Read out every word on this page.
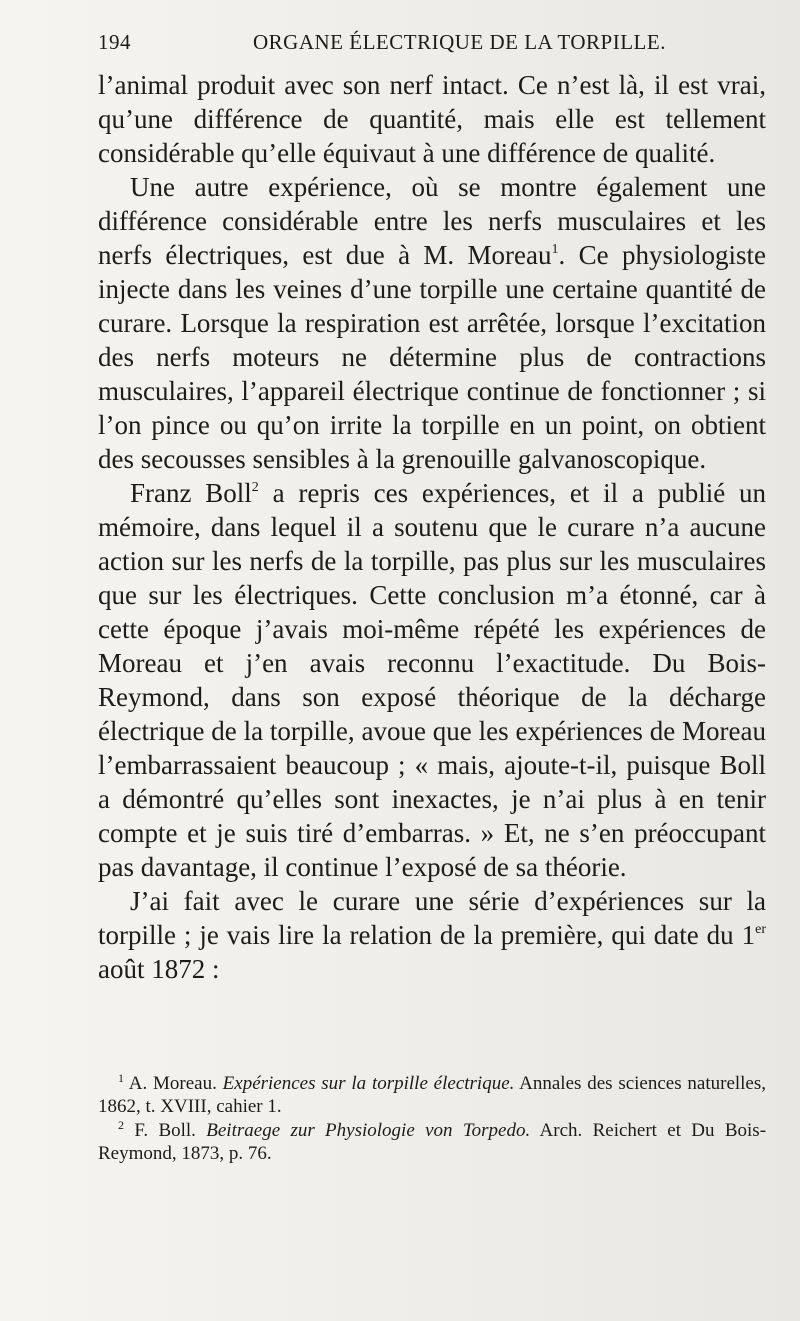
194	ORGANE ÉLECTRIQUE DE LA TORPILLE.

l’animal produit avec son nerf intact. Ce n’est là, il est vrai, qu’une différence de quantité, mais elle est tellement considérable qu’elle équivaut à une différence de qualité.

Une autre expérience, où se montre également une différence considérable entre les nerfs musculaires et les nerfs électriques, est due à M. Moreau$^1$. Ce physiologiste injecte dans les veines d’une torpille une certaine quantité de curare. Lorsque la respiration est arrêtée, lorsque l’excitation des nerfs moteurs ne détermine plus de contractions musculaires, l’appareil électrique continue de fonctionner ; si l’on pince ou qu’on irrite la torpille en un point, on obtient des secousses sensibles à la grenouille galvanoscopique.

Franz Boll$^2$ a repris ces expériences, et il a publié un mémoire, dans lequel il a soutenu que le curare n’a aucune action sur les nerfs de la torpille, pas plus sur les musculaires que sur les électriques. Cette conclusion m’a étonné, car à cette époque j’avais moi-même répété les expériences de Moreau et j’en avais reconnu l’exactitude. Du Bois-Reymond, dans son exposé théorique de la décharge électrique de la torpille, avoue que les expériences de Moreau l’embarrassaient beaucoup ; « mais, ajoute-t-il, puisque Boll a démontré qu’elles sont inexactes, je n’ai plus à en tenir compte et je suis tiré d’embarras. » Et, ne s’en préoccupant pas davantage, il continue l’exposé de sa théorie.

J’ai fait avec le curare une série d’expériences sur la torpille ; je vais lire la relation de la première, qui date du 1er août 1872 :

$^1$ A. Moreau. Expériences sur la torpille électrique. Annales des sciences naturelles, 1862, t. XVIII, cahier 1.

$^2$ F. Boll. Beitraege zur Physiologie von Torpedo. Arch. Reichert et Du Bois-Reymond, 1873, p. 76.
